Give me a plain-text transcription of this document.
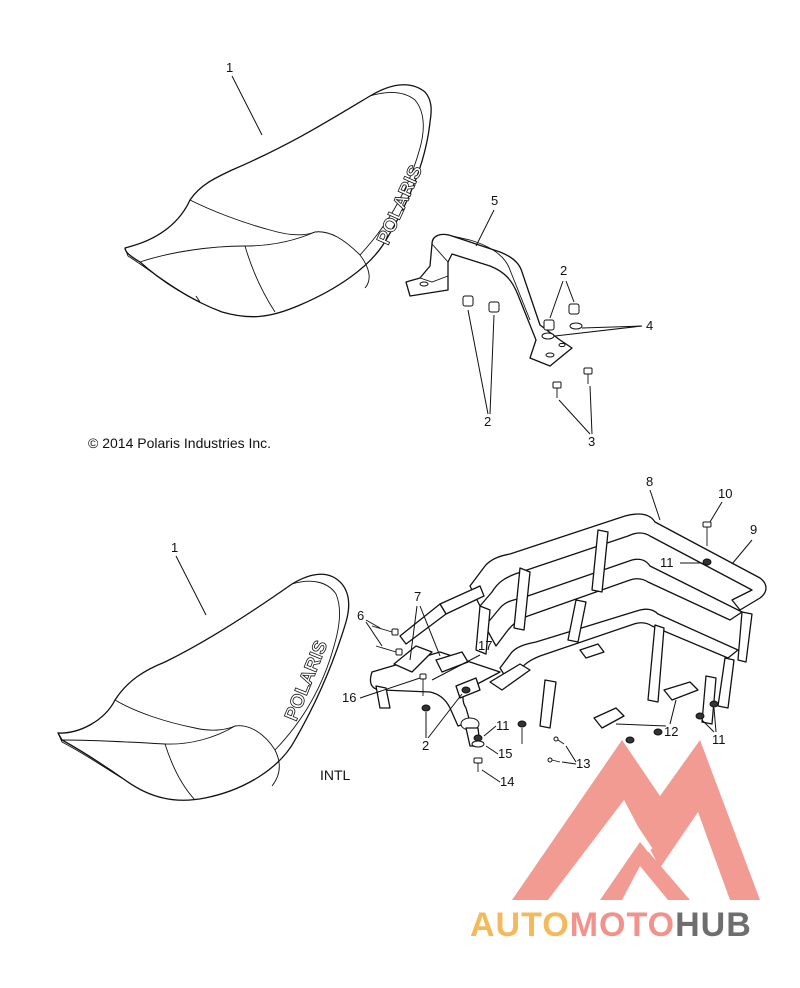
POLARIS
1
5
2
4
2
3
© 2014 Polaris Industries Inc.
POLARIS
1
INTL
8
9
10
11
6
7
17
16
2
11
15
14
13
12
11
AUTOMOTOHUB
